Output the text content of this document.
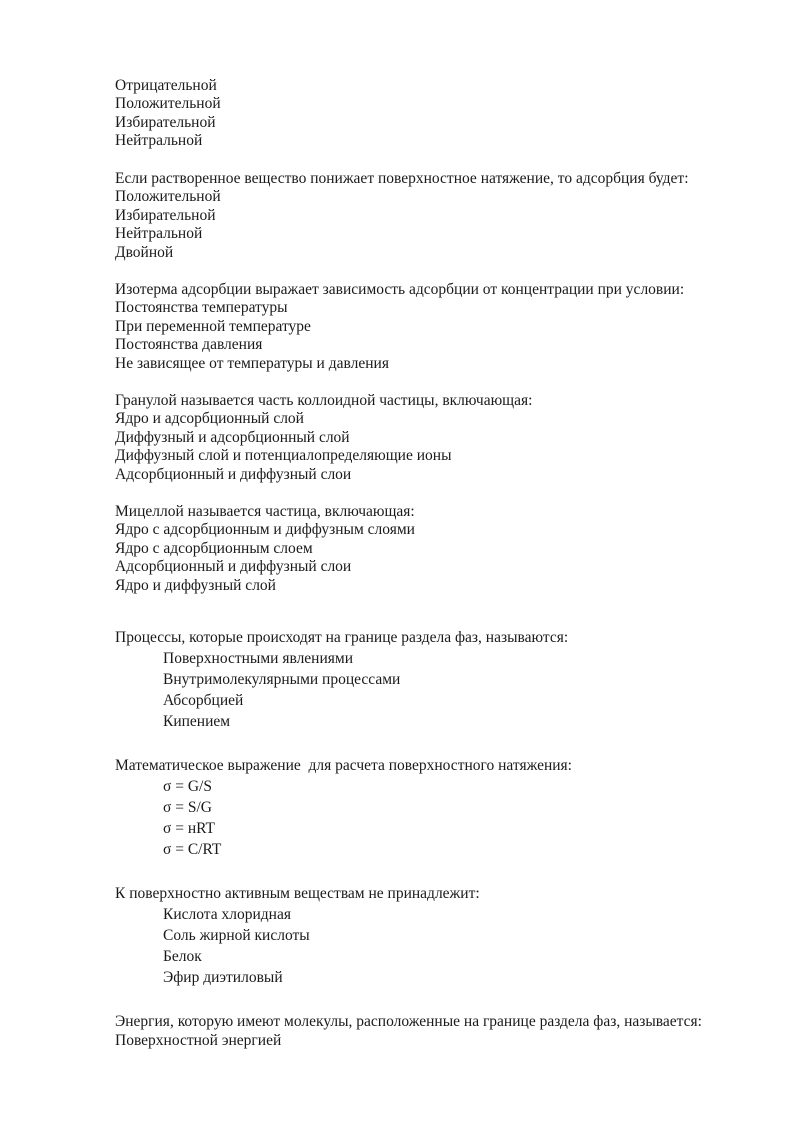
Отрицательной
Положительной
Избирательной
Нейтральной
Если растворенное вещество понижает поверхностное натяжение, то адсорбция будет:
Положительной
Избирательной
Нейтральной
Двойной
Изотерма адсорбции выражает зависимость адсорбции от концентрации при условии:
Постоянства температуры
При переменной температуре
Постоянства давления
Не зависящее от температуры и давления
Гранулой называется часть коллоидной частицы, включающая:
Ядро и адсорбционный слой
Диффузный и адсорбционный слой
Диффузный слой и потенциалопределяющие ионы
Адсорбционный и диффузный слои
Мицеллой называется частица, включающая:
Ядро с адсорбционным и диффузным слоями
Ядро с адсорбционным слоем
Адсорбционный и диффузный слои
Ядро и диффузный слой
Процессы, которые происходят на границе раздела фаз, называются:
Поверхностными явлениями
Внутримолекулярными процессами
Абсорбцией
Кипением
Математическое выражение  для расчета поверхностного натяжения:
σ = G/S
σ = S/G
σ = нRT
σ = C/RT
К поверхностно активным веществам не принадлежит:
Кислота хлоридная
Соль жирной кислоты
Белок
Эфир диэтиловый
Энергия, которую имеют молекулы, расположенные на границе раздела фаз, называется:
Поверхностной энергией
